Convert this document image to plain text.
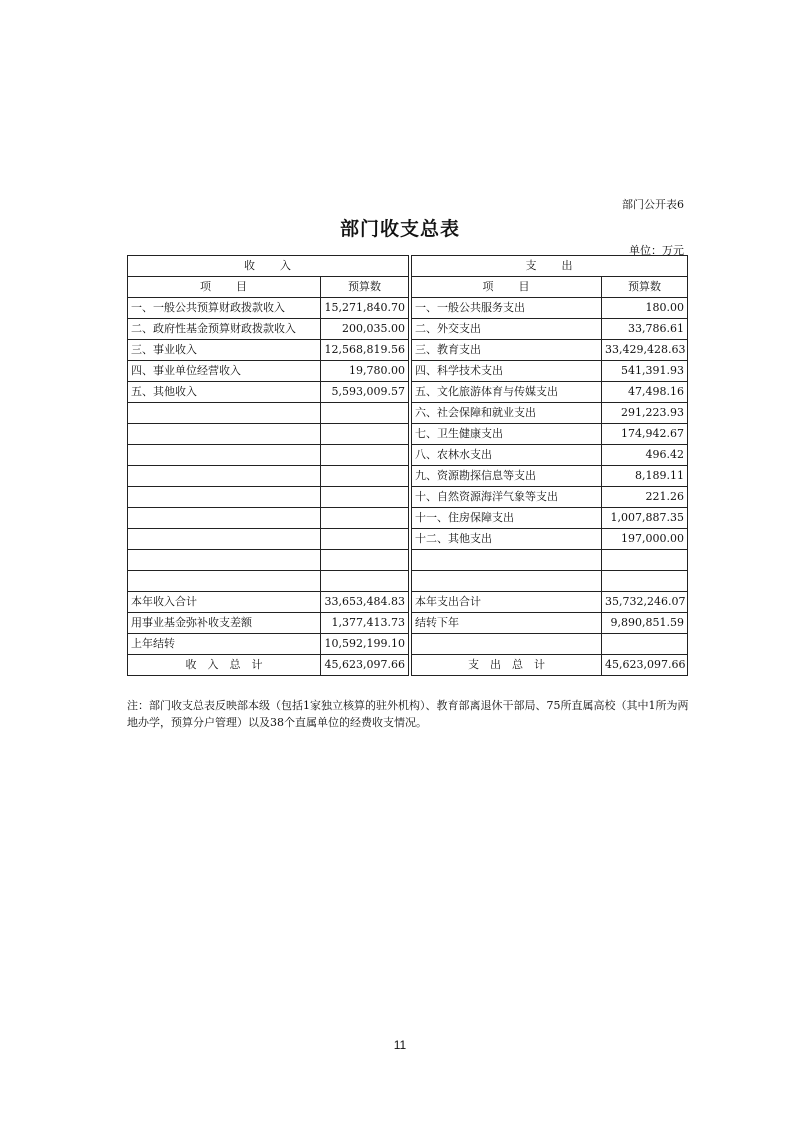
部门公开表6
部门收支总表
单位：万元
收　　入			支　　出	
项　　目	预算数		项　　目	预算数
一、一般公共预算财政拨款收入	15,271,840.70		一、一般公共服务支出	180.00
二、政府性基金预算财政拨款收入	200,035.00		二、外交支出	33,786.61
三、事业收入	12,568,819.56		三、教育支出	33,429,428.63
四、事业单位经营收入	19,780.00		四、科学技术支出	541,391.93
五、其他收入	5,593,009.57		五、文化旅游体育与传媒支出	47,498.16
			六、社会保障和就业支出	291,223.93
			七、卫生健康支出	174,942.67
			八、农林水支出	496.42
			九、资源勘探信息等支出	8,189.11
			十、自然资源海洋气象等支出	221.26
			十一、住房保障支出	1,007,887.35
			十二、其他支出	197,000.00

本年收入合计	33,653,484.83		本年支出合计	35,732,246.07
用事业基金弥补收支差额	1,377,413.73		结转下年	9,890,851.59
上年结转	10,592,199.10			
收　入　总　计	45,623,097.66		支　出　总　计	45,623,097.66
注：部门收支总表反映部本级（包括1家独立核算的驻外机构）、教育部离退休干部局、75所直属高校（其中1所为两地办学，预算分户管理）以及38个直属单位的经费收支情况。
11
